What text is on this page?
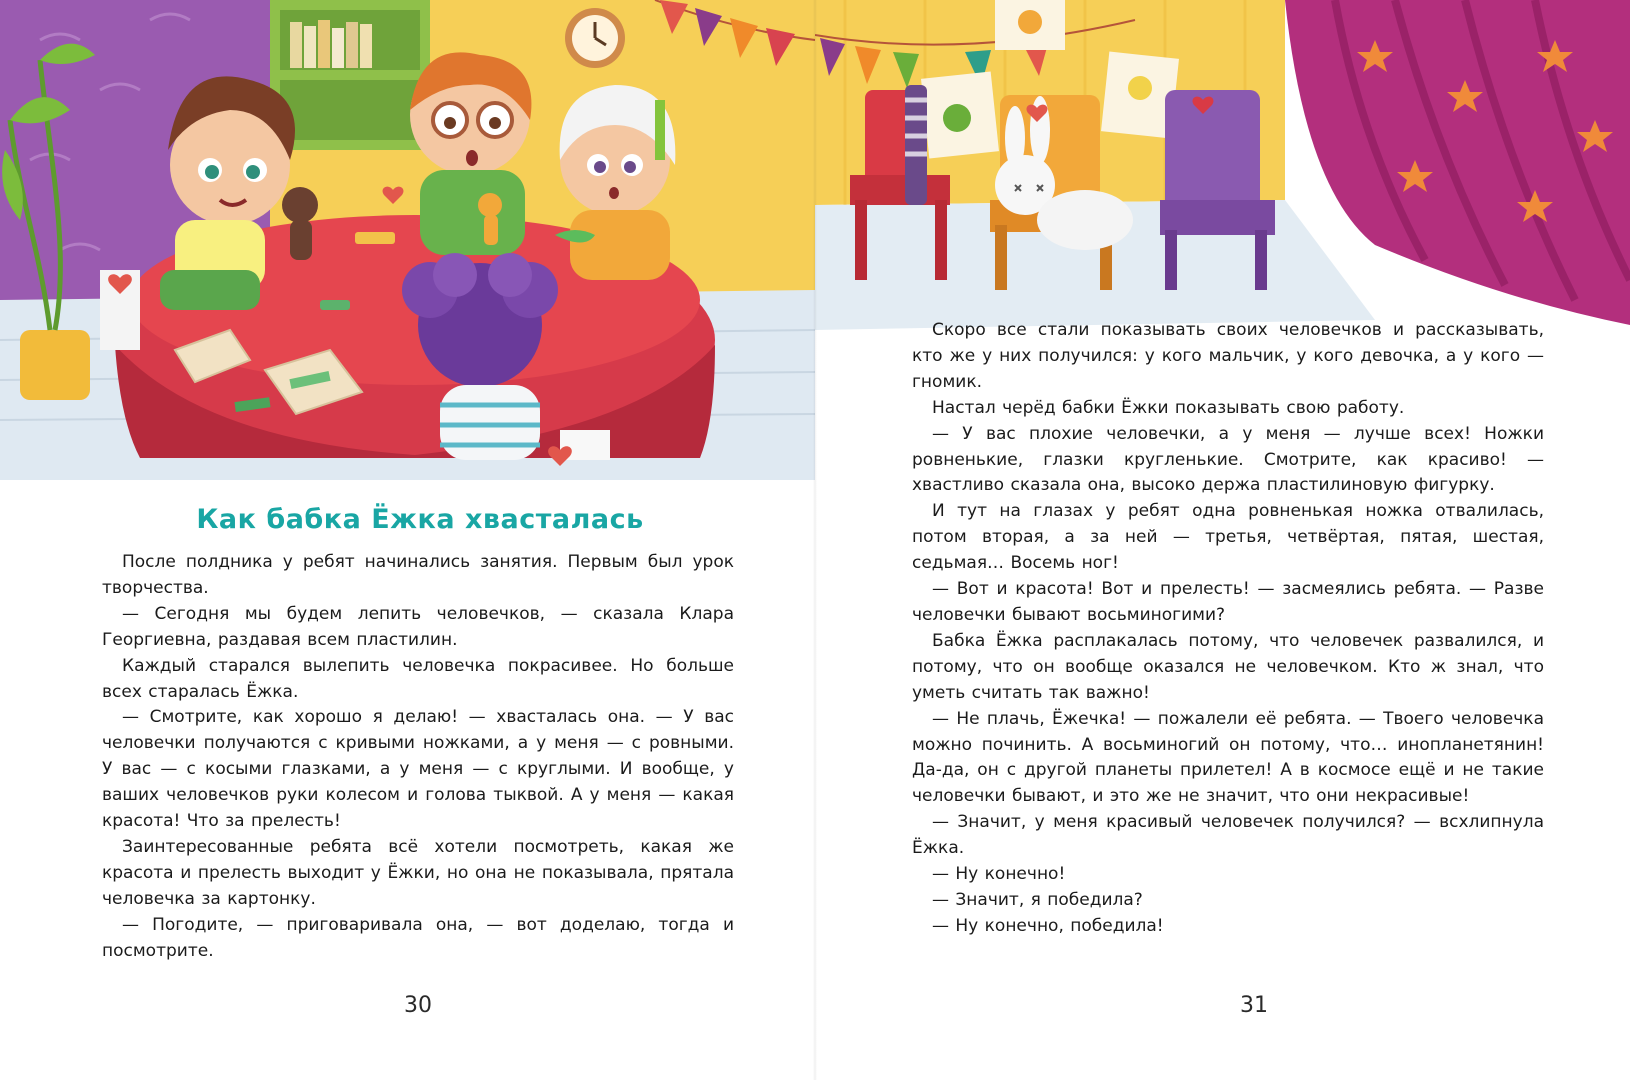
Как бабка Ёжка хвасталась

После полдника у ребят начинались занятия. Первым был урок творчества.

— Сегодня мы будем лепить человечков, — сказала Клара Георгиевна, раздавая всем пластилин.

Каждый старался вылепить человечка покрасивее. Но больше всех старалась Ёжка.

— Смотрите, как хорошо я делаю! — хвасталась она. — У вас человечки получаются с кривыми ножками, а у меня — с ровными. У вас — с косыми глазками, а у меня — с круглыми. И вообще, у ваших человечков руки колесом и голова тыквой. А у меня — какая красота! Что за прелесть!

Заинтересованные ребята всё хотели посмотреть, какая же красота и прелесть выходит у Ёжки, но она не показывала, прятала человечка за картонку.

— Погодите, — приговаривала она, — вот доделаю, тогда и посмотрите.

30

Скоро все стали показывать своих человечков и рассказывать, кто же у них получился: у кого мальчик, у кого девочка, а у кого — гномик.

Настал черёд бабки Ёжки показывать свою работу.

— У вас плохие человечки, а у меня — лучше всех! Ножки ровненькие, глазки кругленькие. Смотрите, как красиво! — хвастливо сказала она, высоко держа пластилиновую фигурку.

И тут на глазах у ребят одна ровненькая ножка отвалилась, потом вторая, а за ней — третья, четвёртая, пятая, шестая, седьмая… Восемь ног!

— Вот и красота! Вот и прелесть! — засмеялись ребята. — Разве человечки бывают восьминогими?

Бабка Ёжка расплакалась потому, что человечек развалился, и потому, что он вообще оказался не человечком. Кто ж знал, что уметь считать так важно!

— Не плачь, Ёжечка! — пожалели её ребята. — Твоего человечка можно починить. А восьминогий он потому, что… инопланетянин! Да-да, он с другой планеты прилетел! А в космосе ещё и не такие человечки бывают, и это же не значит, что они некрасивые!

— Значит, у меня красивый человечек получился? — всхлипнула Ёжка.

— Ну конечно!

— Значит, я победила?

— Ну конечно, победила!

31
